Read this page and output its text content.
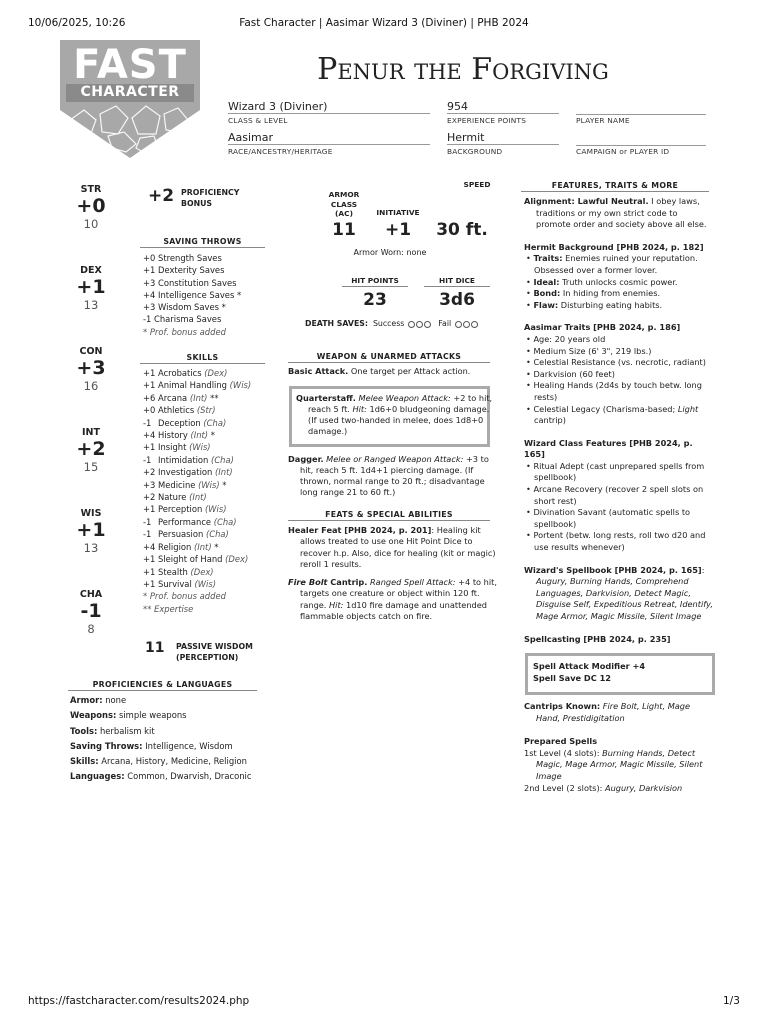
10/06/2025, 10:26	Fast Character | Aasimar Wizard 3 (Diviner) | PHB 2024
https://fastcharacter.com/results2024.php	1/3
FAST
CHARACTER
Penur the Forgiving
Wizard 3 (Diviner)
CLASS & LEVEL
954
EXPERIENCE POINTS	PLAYER NAME
Aasimar
RACE/ANCESTRY/HERITAGE
Hermit
BACKGROUND	CAMPAIGN or PLAYER ID
STR
+0
10
DEX
+1
13
CON
+3
16
INT
+2
15
WIS
+1
13
CHA
-1
8
+2 PROFICIENCY
BONUS
SAVING THROWS
+0 Strength Saves
+1 Dexterity Saves
+3 Constitution Saves
+4 Intelligence Saves *
+3 Wisdom Saves *
-1 Charisma Saves
* Prof. bonus added
SKILLS
+1 Acrobatics (Dex)
+1 Animal Handling (Wis)
+6 Arcana (Int) **
+0 Athletics (Str)
-1 Deception (Cha)
+4 History (Int) *
+1 Insight (Wis)
-1 Intimidation (Cha)
+2 Investigation (Int)
+3 Medicine (Wis) *
+2 Nature (Int)
+1 Perception (Wis)
-1 Performance (Cha)
-1 Persuasion (Cha)
+4 Religion (Int) *
+1 Sleight of Hand (Dex)
+1 Stealth (Dex)
+1 Survival (Wis)
* Prof. bonus added
** Expertise
11 PASSIVE WISDOM
(PERCEPTION)
PROFICIENCIES & LANGUAGES
Armor: none
Weapons: simple weapons
Tools: herbalism kit
Saving Throws: Intelligence, Wisdom
Skills: Arcana, History, Medicine, Religion
Languages: Common, Dwarvish, Draconic
ARMOR
CLASS
(AC)	INITIATIVE
SPEED
11	+1	30 ft.
Armor Worn: none
HIT POINTS	HIT DICE
23	3d6
DEATH SAVES: Success	Fail
WEAPON & UNARMED ATTACKS
Basic Attack. One target per Attack action.
Quarterstaff. Melee Weapon Attack: +2 to hit, reach 5 ft. Hit: 1d6+0 bludgeoning damage. (If used two-handed in melee, does 1d8+0 damage.)
Dagger. Melee or Ranged Weapon Attack: +3 to hit, reach 5 ft. 1d4+1 piercing damage. (If thrown, normal range to 20 ft.; disadvantage long range 21 to 60 ft.)
FEATS & SPECIAL ABILITIES
Healer Feat [PHB 2024, p. 201]: Healing kit allows treated to use one Hit Point Dice to recover h.p. Also, dice for healing (kit or magic) reroll 1 results.
Fire Bolt Cantrip. Ranged Spell Attack: +4 to hit, targets one creature or object within 120 ft. range. Hit: 1d10 fire damage and unattended flammable objects catch on fire.
FEATURES, TRAITS & MORE
Alignment: Lawful Neutral. I obey laws, traditions or my own strict code to promote order and society above all else.
Hermit Background [PHB 2024, p. 182]
• Traits: Enemies ruined your reputation. Obsessed over a former lover.
• Ideal: Truth unlocks cosmic power.
• Bond: In hiding from enemies.
• Flaw: Disturbing eating habits.
Aasimar Traits [PHB 2024, p. 186]
• Age: 20 years old
• Medium Size (6' 3", 219 lbs.)
• Celestial Resistance (vs. necrotic, radiant)
• Darkvision (60 feet)
• Healing Hands (2d4s by touch betw. long rests)
• Celestial Legacy (Charisma-based; Light cantrip)
Wizard Class Features [PHB 2024, p. 165]
• Ritual Adept (cast unprepared spells from spellbook)
• Arcane Recovery (recover 2 spell slots on short rest)
• Divination Savant (automatic spells to spellbook)
• Portent (betw. long rests, roll two d20 and use results whenever)
Wizard's Spellbook [PHB 2024, p. 165]: Augury, Burning Hands, Comprehend Languages, Darkvision, Detect Magic, Disguise Self, Expeditious Retreat, Identify, Mage Armor, Magic Missile, Silent Image
Spellcasting [PHB 2024, p. 235]
Spell Attack Modifier +4
Spell Save DC 12
Cantrips Known: Fire Bolt, Light, Mage Hand, Prestidigitation
Prepared Spells
1st Level (4 slots): Burning Hands, Detect Magic, Mage Armor, Magic Missile, Silent Image
2nd Level (2 slots): Augury, Darkvision
